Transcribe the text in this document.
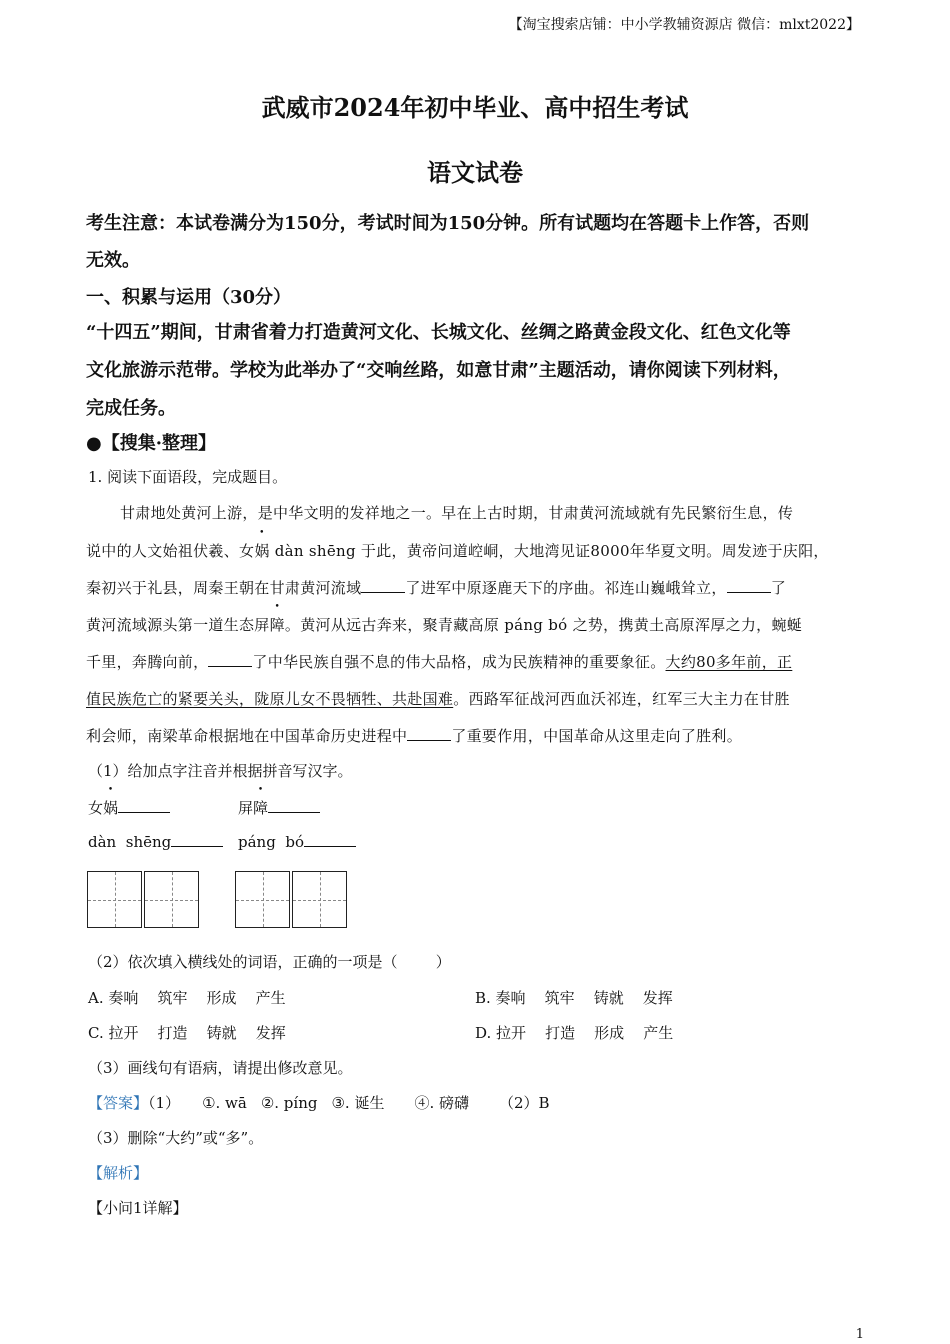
【淘宝搜索店铺：中小学教辅资源店 微信：mlxt2022】
武威市2024年初中毕业、高中招生考试
语文试卷
考生注意：本试卷满分为150分，考试时间为150分钟。所有试题均在答题卡上作答，否则
无效。
一、积累与运用（30分）
“十四五”期间，甘肃省着力打造黄河文化、长城文化、丝绸之路黄金段文化、红色文化等
文化旅游示范带。学校为此举办了“交响丝路，如意甘肃”主题活动，请你阅读下列材料，
完成任务。
●【搜集·整理】
1. 阅读下面语段，完成题目。
甘肃地处黄河上游，是中华文明的发祥地之一。早在上古时期，甘肃黄河流域就有先民繁衍生息，传
说中的人文始祖伏羲、女娲 dàn shēng 于此，黄帝问道崆峒，大地湾见证8000年华夏文明。周发迹于庆阳，
秦初兴于礼县，周秦王朝在甘肃黄河流域	了进军中原逐鹿天下的序曲。祁连山巍峨耸立，	了
黄河流域源头第一道生态屏障。黄河从远古奔来，聚青藏高原 páng bó 之势，携黄土高原浑厚之力，蜿蜒
千里，奔腾向前，	了中华民族自强不息的伟大品格，成为民族精神的重要象征。大约80多年前，正
值民族危亡的紧要关头，陇原儿女不畏牺牲、共赴国难。西路军征战河西血沃祁连，红军三大主力在甘胜
利会师，南梁革命根据地在中国革命历史进程中	了重要作用，中国革命从这里走向了胜利。
（1）给加点字注音并根据拼音写汉字。
女娲	屏障
dàn  shēng	páng  bó
（2）依次填入横线处的词语，正确的一项是（        ）
A. 奏响    筑牢    形成    产生	B. 奏响    筑牢    铸就    发挥
C. 拉开    打造    铸就    发挥	D. 拉开    打造    形成    产生
（3）画线句有语病，请提出修改意见。
【答案】（1） ①. wā ②. píng ③. 诞生 ④. 磅礴 （2）B
（3）删除“大约”或“多”。
【解析】
【小问1详解】
1
